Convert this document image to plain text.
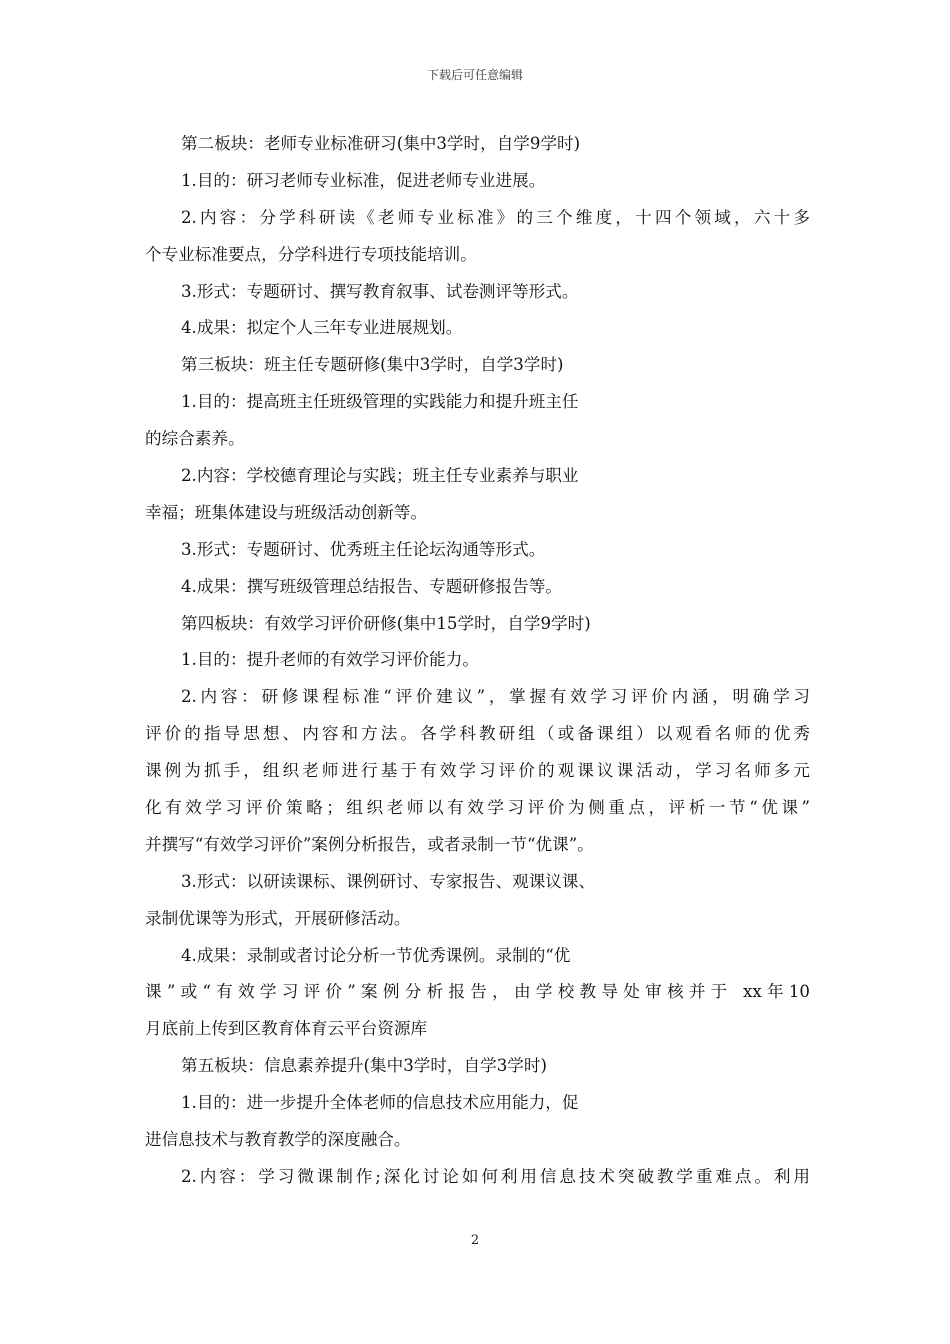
下载后可任意编辑
第二板块：老师专业标准研习(集中3学时，自学9学时)
1.目的：研习老师专业标准，促进老师专业进展。
2.内容：分学科研读《老师专业标准》的三个维度，十四个领域，六十多
个专业标准要点，分学科进行专项技能培训。
3.形式：专题研讨、撰写教育叙事、试卷测评等形式。
4.成果：拟定个人三年专业进展规划。
第三板块：班主任专题研修(集中3学时，自学3学时)
1.目的：提高班主任班级管理的实践能力和提升班主任
的综合素养。
2.内容：学校德育理论与实践；班主任专业素养与职业
幸福；班集体建设与班级活动创新等。
3.形式：专题研讨、优秀班主任论坛沟通等形式。
4.成果：撰写班级管理总结报告、专题研修报告等。
第四板块：有效学习评价研修(集中15学时，自学9学时)
1.目的：提升老师的有效学习评价能力。
2.内容：研修课程标准“评价建议”，掌握有效学习评价内涵，明确学习
评价的指导思想、内容和方法。各学科教研组（或备课组）以观看名师的优秀
课例为抓手，组织老师进行基于有效学习评价的观课议课活动，学习名师多元
化有效学习评价策略；组织老师以有效学习评价为侧重点，评析一节“优课”
并撰写“有效学习评价”案例分析报告，或者录制一节“优课”。
3.形式：以研读课标、课例研讨、专家报告、观课议课、
录制优课等为形式，开展研修活动。
4.成果：录制或者讨论分析一节优秀课例。录制的“优
课”或“有效学习评价”案例分析报告，由学校教导处审核并于 xx年10
月底前上传到区教育体育云平台资源库
第五板块：信息素养提升(集中3学时，自学3学时)
1.目的：进一步提升全体老师的信息技术应用能力，促
进信息技术与教育教学的深度融合。
2.内容：学习微课制作;深化讨论如何利用信息技术突破教学重难点。利用
2
